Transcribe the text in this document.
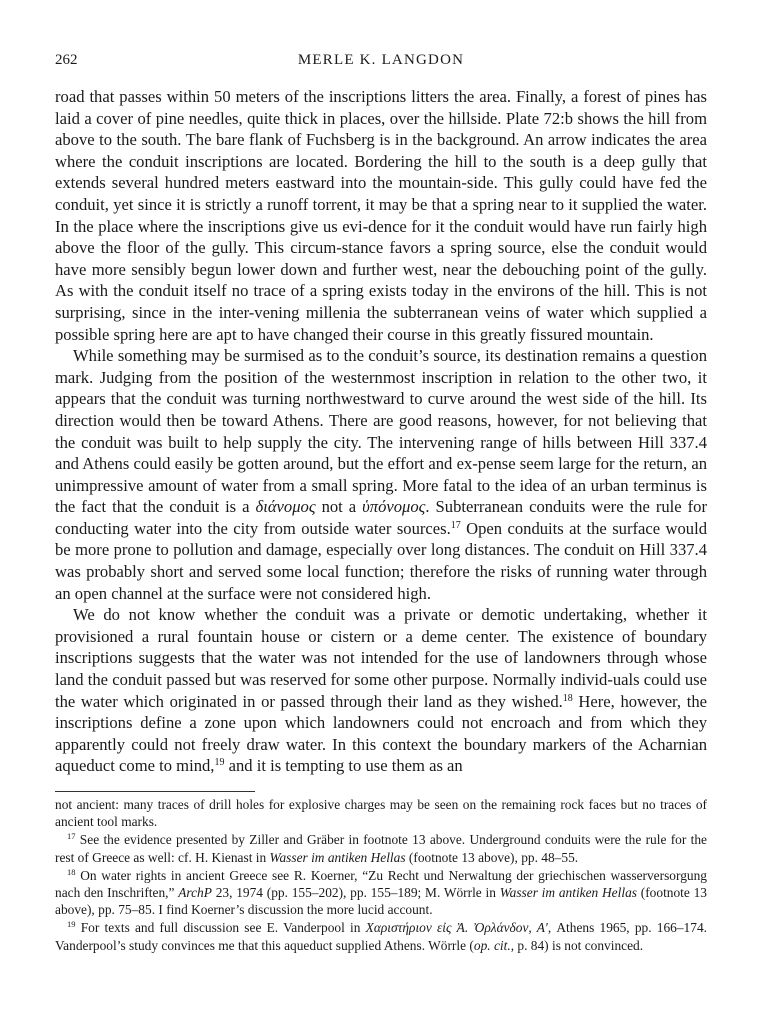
262	MERLE K. LANGDON

road that passes within 50 meters of the inscriptions litters the area. Finally, a forest of pines has laid a cover of pine needles, quite thick in places, over the hillside. Plate 72:b shows the hill from above to the south. The bare flank of Fuchsberg is in the background. An arrow indicates the area where the conduit inscriptions are located. Bordering the hill to the south is a deep gully that extends several hundred meters eastward into the mountain-side. This gully could have fed the conduit, yet since it is strictly a runoff torrent, it may be that a spring near to it supplied the water. In the place where the inscriptions give us evi-dence for it the conduit would have run fairly high above the floor of the gully. This circum-stance favors a spring source, else the conduit would have more sensibly begun lower down and further west, near the debouching point of the gully. As with the conduit itself no trace of a spring exists today in the environs of the hill. This is not surprising, since in the inter-vening millenia the subterranean veins of water which supplied a possible spring here are apt to have changed their course in this greatly fissured mountain.

While something may be surmised as to the conduit’s source, its destination remains a question mark. Judging from the position of the westernmost inscription in relation to the other two, it appears that the conduit was turning northwestward to curve around the west side of the hill. Its direction would then be toward Athens. There are good reasons, however, for not believing that the conduit was built to help supply the city. The intervening range of hills between Hill 337.4 and Athens could easily be gotten around, but the effort and ex-pense seem large for the return, an unimpressive amount of water from a small spring. More fatal to the idea of an urban terminus is the fact that the conduit is a διάνομος not a ὑπόνομος. Subterranean conduits were the rule for conducting water into the city from outside water sources.$^{17}$ Open conduits at the surface would be more prone to pollution and damage, especially over long distances. The conduit on Hill 337.4 was probably short and served some local function; therefore the risks of running water through an open channel at the surface were not considered high.

We do not know whether the conduit was a private or demotic undertaking, whether it provisioned a rural fountain house or cistern or a deme center. The existence of boundary inscriptions suggests that the water was not intended for the use of landowners through whose land the conduit passed but was reserved for some other purpose. Normally individ-uals could use the water which originated in or passed through their land as they wished.$^{18}$ Here, however, the inscriptions define a zone upon which landowners could not encroach and from which they apparently could not freely draw water. In this context the boundary markers of the Acharnian aqueduct come to mind,$^{19}$ and it is tempting to use them as an

not ancient: many traces of drill holes for explosive charges may be seen on the remaining rock faces but no traces of ancient tool marks.

$^{17}$ See the evidence presented by Ziller and Gräber in footnote 13 above. Underground conduits were the rule for the rest of Greece as well: cf. H. Kienast in Wasser im antiken Hellas (footnote 13 above), pp. 48–55.

$^{18}$ On water rights in ancient Greece see R. Koerner, “Zu Recht und Nerwaltung der griechischen wasserversorgung nach den Inschriften,” ArchP 23, 1974 (pp. 155–202), pp. 155–189; M. Wörrle in Wasser im antiken Hellas (footnote 13 above), pp. 75–85. I find Koerner’s discussion the more lucid account.

$^{19}$ For texts and full discussion see E. Vanderpool in Χαριστήριον εἰς Ἀ. Ὀρλάνδον, Α′, Athens 1965, pp. 166–174. Vanderpool’s study convinces me that this aqueduct supplied Athens. Wörrle (op. cit., p. 84) is not convinced.
